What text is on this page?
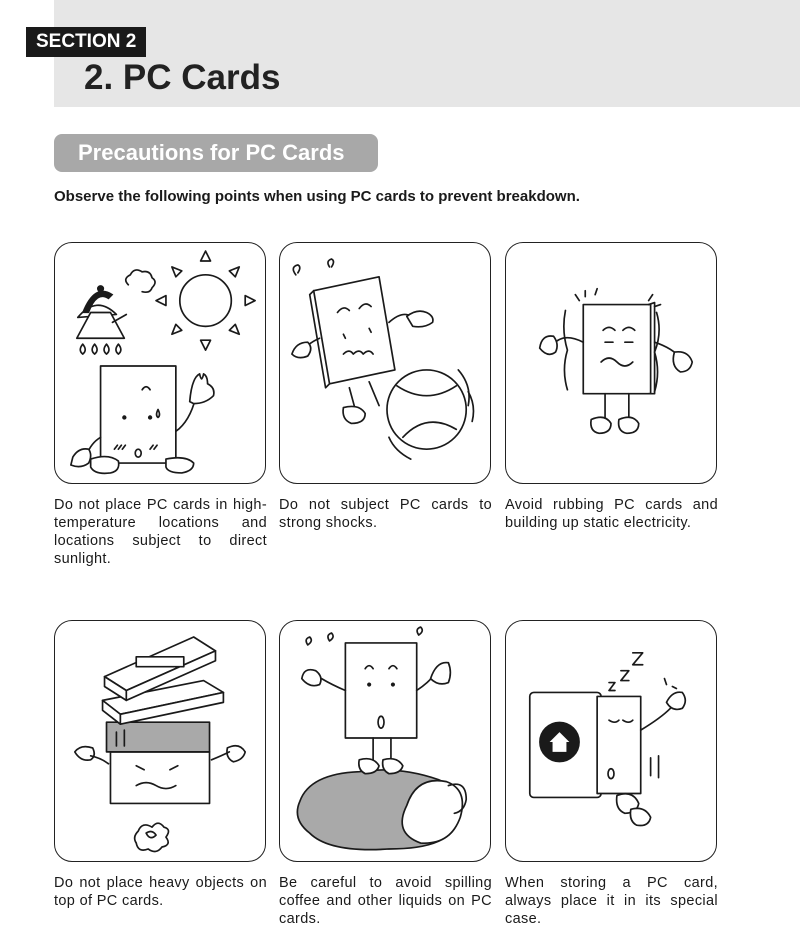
SECTION 2
2. PC Cards
Precautions for PC Cards
Observe the following points when using PC cards to prevent breakdown.

Do not place PC cards in high-temperature locations and locations subject to direct sunlight.

Do not subject PC cards to strong shocks.

Avoid rubbing PC cards and building up static electricity.

Do not place heavy objects on top of PC cards.

Be careful to avoid spilling coffee and other liquids on PC cards.

When storing a PC card, always place it in its special case.
